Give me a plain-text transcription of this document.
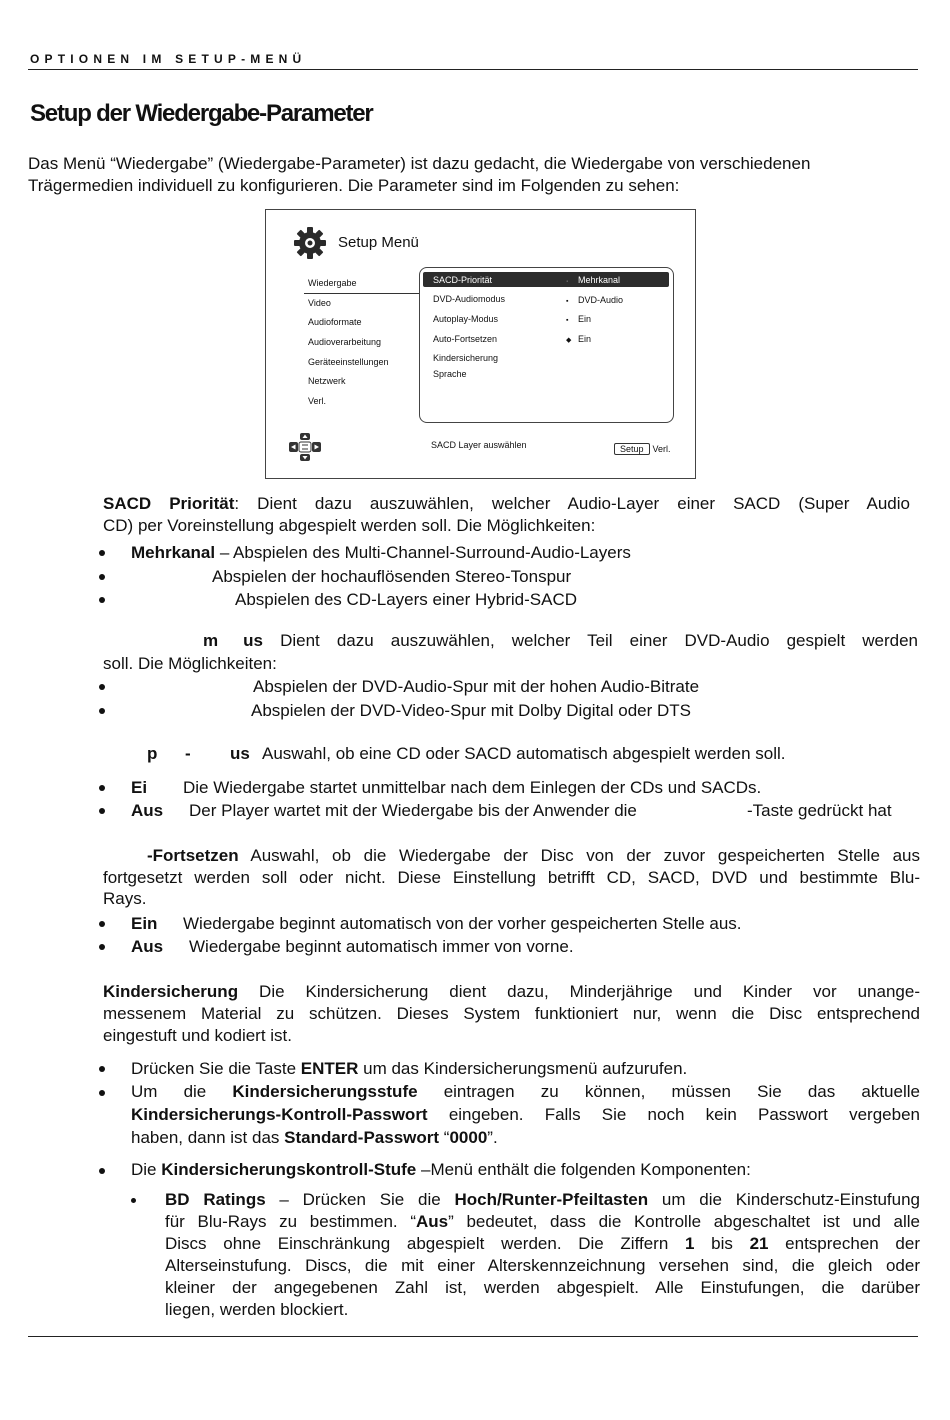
OPTIONEN IM SETUP-MENÜ
Setup der Wiedergabe-Parameter

Das Menü “Wiedergabe” (Wiedergabe-Parameter) ist dazu gedacht, die Wiedergabe von verschiedenen Trägermedien individuell zu konfigurieren. Die Parameter sind im Folgenden zu sehen:

Setup Menü
Wiedergabe
Video
Audioformate
Audioverarbeitung
Geräteeinstellungen
Netzwerk
Verl.
SACD-Priorität	· Mehrkanal
DVD-Audiomodus	▪ DVD-Audio
Autoplay-Modus	▪ Ein
Auto-Fortsetzen	◆ Ein
Kindersicherung
Sprache
SACD Layer auswählen	Setup Verl.

SACD Priorität: Dient dazu auszuwählen, welcher Audio-Layer einer SACD (Super Audio

CD) per Voreinstellung abgespielt werden soll. Die Möglichkeiten:

Mehrkanal – Abspielen des Multi-Channel-Surround-Audio-Layers

Abspielen der hochauflösenden Stereo-Tonspur

Abspielen des CD-Layers einer Hybrid-SACD

m us Dient dazu auszuwählen, welcher Teil einer DVD-Audio gespielt werden

soll. Die Möglichkeiten:

Abspielen der DVD-Audio-Spur mit der hohen Audio-Bitrate

Abspielen der DVD-Video-Spur mit Dolby Digital oder DTS

p - us Auswahl, ob eine CD oder SACD automatisch abgespielt werden soll.

Ei Die Wiedergabe startet unmittelbar nach dem Einlegen der CDs und SACDs.

Aus Der Player wartet mit der Wiedergabe bis der Anwender die	-Taste gedrückt hat

-Fortsetzen Auswahl, ob die Wiedergabe der Disc von der zuvor gespeicherten Stelle aus

fortgesetzt werden soll oder nicht. Diese Einstellung betrifft CD, SACD, DVD und bestimmte Blu-

Rays.

Ein Wiedergabe beginnt automatisch von der vorher gespeicherten Stelle aus.

Aus Wiedergabe beginnt automatisch immer von vorne.

Kindersicherung Die Kindersicherung dient dazu, Minderjährige und Kinder vor unange-

messenem Material zu schützen. Dieses System funktioniert nur, wenn die Disc entsprechend

eingestuft und kodiert ist.

Drücken Sie die Taste ENTER um das Kindersicherungsmenü aufzurufen.

Um die Kindersicherungsstufe eintragen zu können, müssen Sie das aktuelle

Kindersicherungs-Kontroll-Passwort eingeben. Falls Sie noch kein Passwort vergeben

haben, dann ist das Standard-Passwort “0000”.

Die Kindersicherungskontroll-Stufe –Menü enthält die folgenden Komponenten:

BD Ratings – Drücken Sie die Hoch/Runter-Pfeiltasten um die Kinderschutz-Einstufung

für Blu-Rays zu bestimmen. “Aus” bedeutet, dass die Kontrolle abgeschaltet ist und alle

Discs ohne Einschränkung abgespielt werden. Die Ziffern 1 bis 21 entsprechen der

Alterseinstufung. Discs, die mit einer Alterskennzeichnung versehen sind, die gleich oder

kleiner der angegebenen Zahl ist, werden abgespielt. Alle Einstufungen, die darüber

liegen, werden blockiert.
